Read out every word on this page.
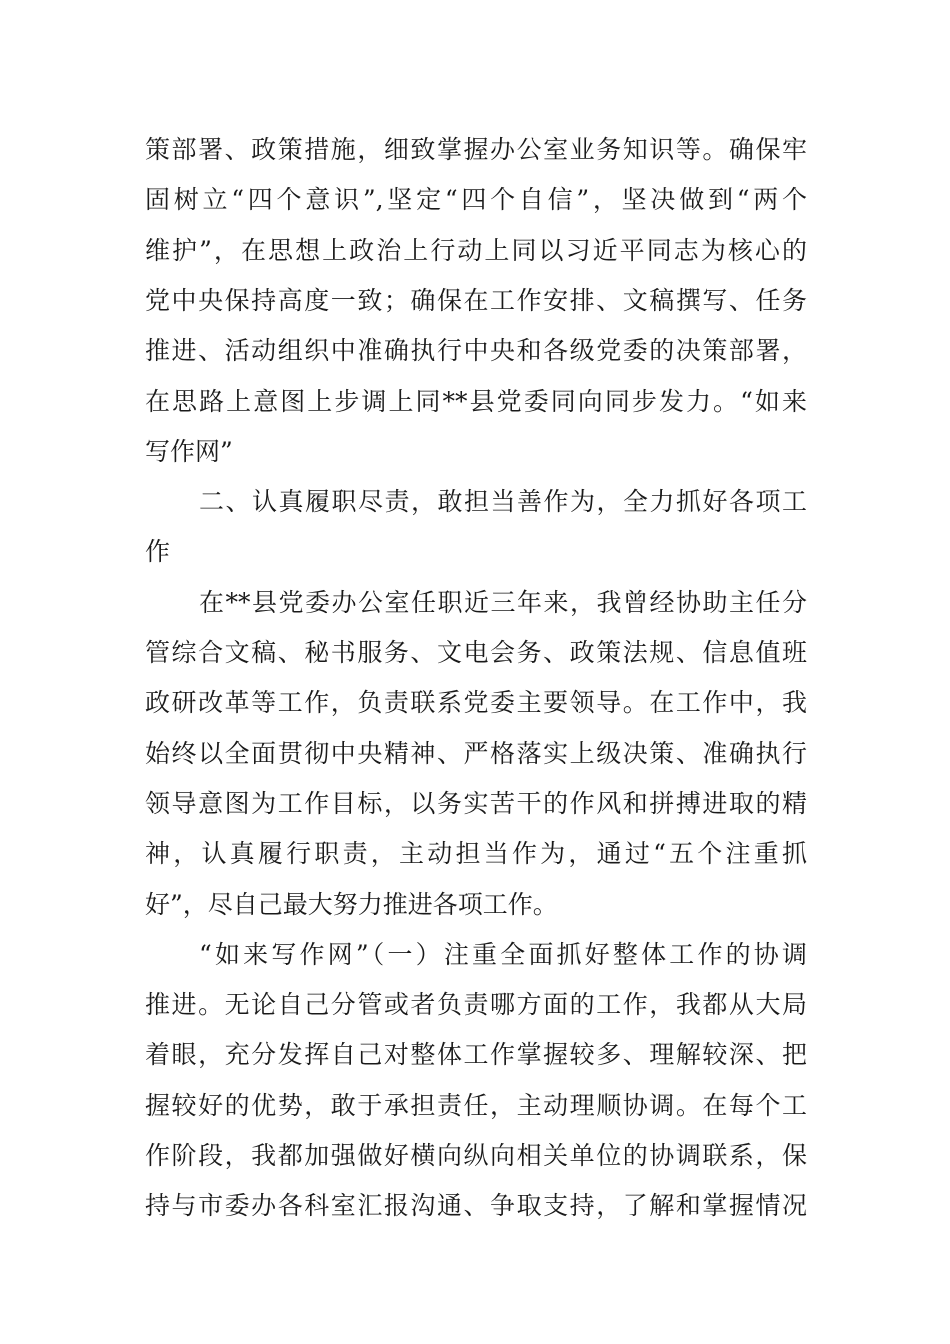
策部署、政策措施，细致掌握办公室业务知识等。确保牢
固树立“四个意识”,坚定“四个自信”，坚决做到“两个
维护”，在思想上政治上行动上同以习近平同志为核心的
党中央保持高度一致；确保在工作安排、文稿撰写、任务
推进、活动组织中准确执行中央和各级党委的决策部署，
在思路上意图上步调上同**县党委同向同步发力。“如来
写作网”
二、认真履职尽责，敢担当善作为，全力抓好各项工
作
在**县党委办公室任职近三年来，我曾经协助主任分
管综合文稿、秘书服务、文电会务、政策法规、信息值班
政研改革等工作，负责联系党委主要领导。在工作中，我
始终以全面贯彻中央精神、严格落实上级决策、准确执行
领导意图为工作目标，以务实苦干的作风和拼搏进取的精
神，认真履行职责，主动担当作为，通过“五个注重抓
好”，尽自己最大努力推进各项工作。
“如来写作网”（一）注重全面抓好整体工作的协调
推进。无论自己分管或者负责哪方面的工作，我都从大局
着眼，充分发挥自己对整体工作掌握较多、理解较深、把
握较好的优势，敢于承担责任，主动理顺协调。在每个工
作阶段，我都加强做好横向纵向相关单位的协调联系，保
持与市委办各科室汇报沟通、争取支持，了解和掌握情况
